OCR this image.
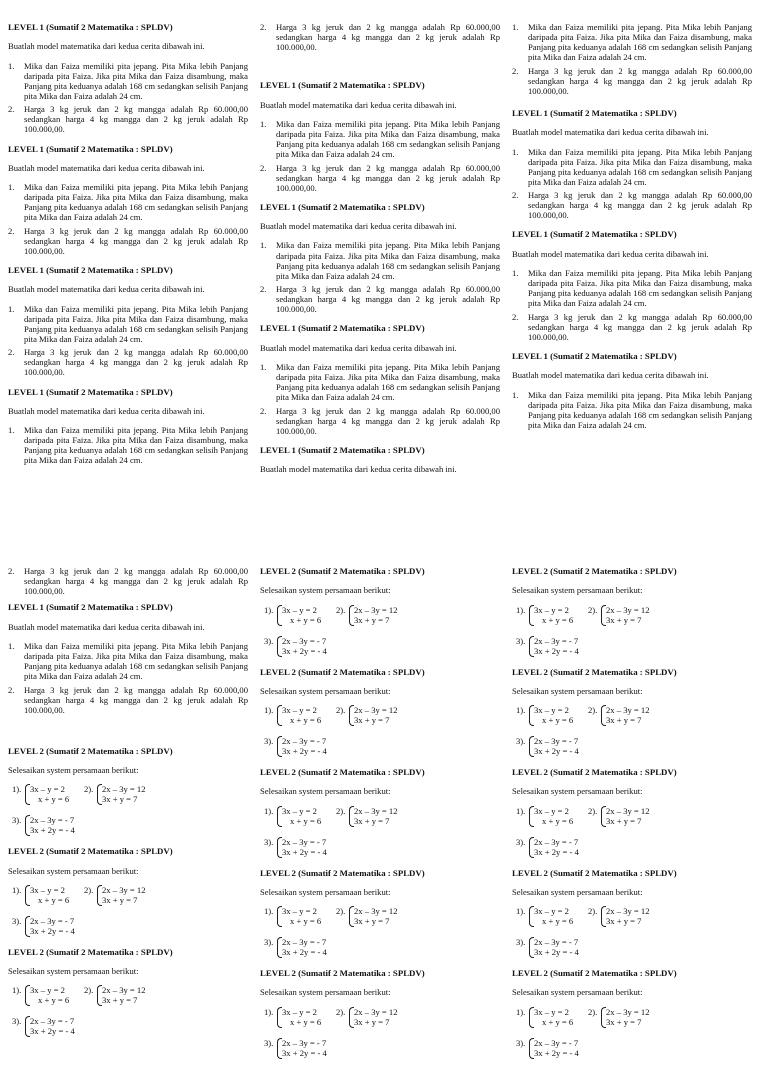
LEVEL 1 (Sumatif 2 Matematika : SPLDV)
Buatlah model matematika dari kedua cerita dibawah ini.
1. Mika dan Faiza memiliki pita jepang. Pita Mika lebih Panjang daripada pita Faiza. Jika pita Mika dan Faiza disambung, maka Panjang pita keduanya adalah 168 cm sedangkan selisih Panjang pita Mika dan Faiza adalah 24 cm.
2. Harga 3 kg jeruk dan 2 kg mangga adalah Rp 60.000,00 sedangkan harga 4 kg mangga dan 2 kg jeruk adalah Rp 100.000,00.
LEVEL 1 (Sumatif 2 Matematika : SPLDV)
Buatlah model matematika dari kedua cerita dibawah ini.
1. Mika dan Faiza memiliki pita jepang. Pita Mika lebih Panjang daripada pita Faiza. Jika pita Mika dan Faiza disambung, maka Panjang pita keduanya adalah 168 cm sedangkan selisih Panjang pita Mika dan Faiza adalah 24 cm.
2. Harga 3 kg jeruk dan 2 kg mangga adalah Rp 60.000,00 sedangkan harga 4 kg mangga dan 2 kg jeruk adalah Rp 100.000,00.
LEVEL 1 (Sumatif 2 Matematika : SPLDV)
Buatlah model matematika dari kedua cerita dibawah ini.
1. Mika dan Faiza memiliki pita jepang. Pita Mika lebih Panjang daripada pita Faiza. Jika pita Mika dan Faiza disambung, maka Panjang pita keduanya adalah 168 cm sedangkan selisih Panjang pita Mika dan Faiza adalah 24 cm.
2. Harga 3 kg jeruk dan 2 kg mangga adalah Rp 60.000,00 sedangkan harga 4 kg mangga dan 2 kg jeruk adalah Rp 100.000,00.
LEVEL 1 (Sumatif 2 Matematika : SPLDV)
Buatlah model matematika dari kedua cerita dibawah ini.
1. Mika dan Faiza memiliki pita jepang. Pita Mika lebih Panjang daripada pita Faiza. Jika pita Mika dan Faiza disambung, maka Panjang pita keduanya adalah 168 cm sedangkan selisih Panjang pita Mika dan Faiza adalah 24 cm.
2. Harga 3 kg jeruk dan 2 kg mangga adalah Rp 60.000,00 sedangkan harga 4 kg mangga dan 2 kg jeruk adalah Rp 100.000,00.
LEVEL 1 (Sumatif 2 Matematika : SPLDV)
Buatlah model matematika dari kedua cerita dibawah ini.
1. Mika dan Faiza memiliki pita jepang. Pita Mika lebih Panjang daripada pita Faiza. Jika pita Mika dan Faiza disambung, maka Panjang pita keduanya adalah 168 cm sedangkan selisih Panjang pita Mika dan Faiza adalah 24 cm.
2. Harga 3 kg jeruk dan 2 kg mangga adalah Rp 60.000,00 sedangkan harga 4 kg mangga dan 2 kg jeruk adalah Rp 100.000,00.
LEVEL 1 (Sumatif 2 Matematika : SPLDV)
Buatlah model matematika dari kedua cerita dibawah ini.
1. Mika dan Faiza memiliki pita jepang. Pita Mika lebih Panjang daripada pita Faiza. Jika pita Mika dan Faiza disambung, maka Panjang pita keduanya adalah 168 cm sedangkan selisih Panjang pita Mika dan Faiza adalah 24 cm.
2. Harga 3 kg jeruk dan 2 kg mangga adalah Rp 60.000,00 sedangkan harga 4 kg mangga dan 2 kg jeruk adalah Rp 100.000,00.
LEVEL 1 (Sumatif 2 Matematika : SPLDV)
Buatlah model matematika dari kedua cerita dibawah ini.
1. Mika dan Faiza memiliki pita jepang. Pita Mika lebih Panjang daripada pita Faiza. Jika pita Mika dan Faiza disambung, maka Panjang pita keduanya adalah 168 cm sedangkan selisih Panjang pita Mika dan Faiza adalah 24 cm.
2. Harga 3 kg jeruk dan 2 kg mangga adalah Rp 60.000,00 sedangkan harga 4 kg mangga dan 2 kg jeruk adalah Rp 100.000,00.
LEVEL 1 (Sumatif 2 Matematika : SPLDV)
Buatlah model matematika dari kedua cerita dibawah ini.
1. Mika dan Faiza memiliki pita jepang. Pita Mika lebih Panjang daripada pita Faiza. Jika pita Mika dan Faiza disambung, maka Panjang pita keduanya adalah 168 cm sedangkan selisih Panjang pita Mika dan Faiza adalah 24 cm.
2. Harga 3 kg jeruk dan 2 kg mangga adalah Rp 60.000,00 sedangkan harga 4 kg mangga dan 2 kg jeruk adalah Rp 100.000,00.
LEVEL 1 (Sumatif 2 Matematika : SPLDV)
Buatlah model matematika dari kedua cerita dibawah ini.
1. Mika dan Faiza memiliki pita jepang. Pita Mika lebih Panjang daripada pita Faiza. Jika pita Mika dan Faiza disambung, maka Panjang pita keduanya adalah 168 cm sedangkan selisih Panjang pita Mika dan Faiza adalah 24 cm.
2. Harga 3 kg jeruk dan 2 kg mangga adalah Rp 60.000,00 sedangkan harga 4 kg mangga dan 2 kg jeruk adalah Rp 100.000,00.
LEVEL 1 (Sumatif 2 Matematika : SPLDV)
Buatlah model matematika dari kedua cerita dibawah ini.
1. Mika dan Faiza memiliki pita jepang. Pita Mika lebih Panjang daripada pita Faiza. Jika pita Mika dan Faiza disambung, maka Panjang pita keduanya adalah 168 cm sedangkan selisih Panjang pita Mika dan Faiza adalah 24 cm.
2. Harga 3 kg jeruk dan 2 kg mangga adalah Rp 60.000,00 sedangkan harga 4 kg mangga dan 2 kg jeruk adalah Rp 100.000,00.
LEVEL 1 (Sumatif 2 Matematika : SPLDV)
Buatlah model matematika dari kedua cerita dibawah ini.
1. Mika dan Faiza memiliki pita jepang. Pita Mika lebih Panjang daripada pita Faiza. Jika pita Mika dan Faiza disambung, maka Panjang pita keduanya adalah 168 cm sedangkan selisih Panjang pita Mika dan Faiza adalah 24 cm.
2. Harga 3 kg jeruk dan 2 kg mangga adalah Rp 60.000,00 sedangkan harga 4 kg mangga dan 2 kg jeruk adalah Rp 100.000,00.
LEVEL 1 (Sumatif 2 Matematika : SPLDV)
Buatlah model matematika dari kedua cerita dibawah ini.
1. Mika dan Faiza memiliki pita jepang. Pita Mika lebih Panjang daripada pita Faiza. Jika pita Mika dan Faiza disambung, maka Panjang pita keduanya adalah 168 cm sedangkan selisih Panjang pita Mika dan Faiza adalah 24 cm.
2. Harga 3 kg jeruk dan 2 kg mangga adalah Rp 60.000,00 sedangkan harga 4 kg mangga dan 2 kg jeruk adalah Rp 100.000,00.
LEVEL 2 (Sumatif 2 Matematika : SPLDV)
Selesaikan system persamaan berikut:
1).	3x – y = 2
x + y = 6
2).	2x – 3y = 12
3x + y = 7
3).	2x – 3y = - 7
3x + 2y = - 4
LEVEL 2 (Sumatif 2 Matematika : SPLDV)
Selesaikan system persamaan berikut:
1).	3x – y = 2
x + y = 6
2).	2x – 3y = 12
3x + y = 7
3).	2x – 3y = - 7
3x + 2y = - 4
LEVEL 2 (Sumatif 2 Matematika : SPLDV)
Selesaikan system persamaan berikut:
1).	3x – y = 2
x + y = 6
2).	2x – 3y = 12
3x + y = 7
3).	2x – 3y = - 7
3x + 2y = - 4
LEVEL 2 (Sumatif 2 Matematika : SPLDV)
Selesaikan system persamaan berikut:
1).	3x – y = 2
x + y = 6
2).	2x – 3y = 12
3x + y = 7
3).	2x – 3y = - 7
3x + 2y = - 4
LEVEL 2 (Sumatif 2 Matematika : SPLDV)
Selesaikan system persamaan berikut:
1).	3x – y = 2
x + y = 6
2).	2x – 3y = 12
3x + y = 7
3).	2x – 3y = - 7
3x + 2y = - 4
LEVEL 2 (Sumatif 2 Matematika : SPLDV)
Selesaikan system persamaan berikut:
1).	3x – y = 2
x + y = 6
2).	2x – 3y = 12
3x + y = 7
3).	2x – 3y = - 7
3x + 2y = - 4
LEVEL 2 (Sumatif 2 Matematika : SPLDV)
Selesaikan system persamaan berikut:
1).	3x – y = 2
x + y = 6
2).	2x – 3y = 12
3x + y = 7
3).	2x – 3y = - 7
3x + 2y = - 4
LEVEL 2 (Sumatif 2 Matematika : SPLDV)
Selesaikan system persamaan berikut:
1).	3x – y = 2
x + y = 6
2).	2x – 3y = 12
3x + y = 7
3).	2x – 3y = - 7
3x + 2y = - 4
LEVEL 2 (Sumatif 2 Matematika : SPLDV)
Selesaikan system persamaan berikut:
1).	3x – y = 2
x + y = 6
2).	2x – 3y = 12
3x + y = 7
3).	2x – 3y = - 7
3x + 2y = - 4
LEVEL 2 (Sumatif 2 Matematika : SPLDV)
Selesaikan system persamaan berikut:
1).	3x – y = 2
x + y = 6
2).	2x – 3y = 12
3x + y = 7
3).	2x – 3y = - 7
3x + 2y = - 4
LEVEL 2 (Sumatif 2 Matematika : SPLDV)
Selesaikan system persamaan berikut:
1).	3x – y = 2
x + y = 6
2).	2x – 3y = 12
3x + y = 7
3).	2x – 3y = - 7
3x + 2y = - 4
LEVEL 2 (Sumatif 2 Matematika : SPLDV)
Selesaikan system persamaan berikut:
1).	3x – y = 2
x + y = 6
2).	2x – 3y = 12
3x + y = 7
3).	2x – 3y = - 7
3x + 2y = - 4
LEVEL 2 (Sumatif 2 Matematika : SPLDV)
Selesaikan system persamaan berikut:
1).	3x – y = 2
x + y = 6
2).	2x – 3y = 12
3x + y = 7
3).	2x – 3y = - 7
3x + 2y = - 4
